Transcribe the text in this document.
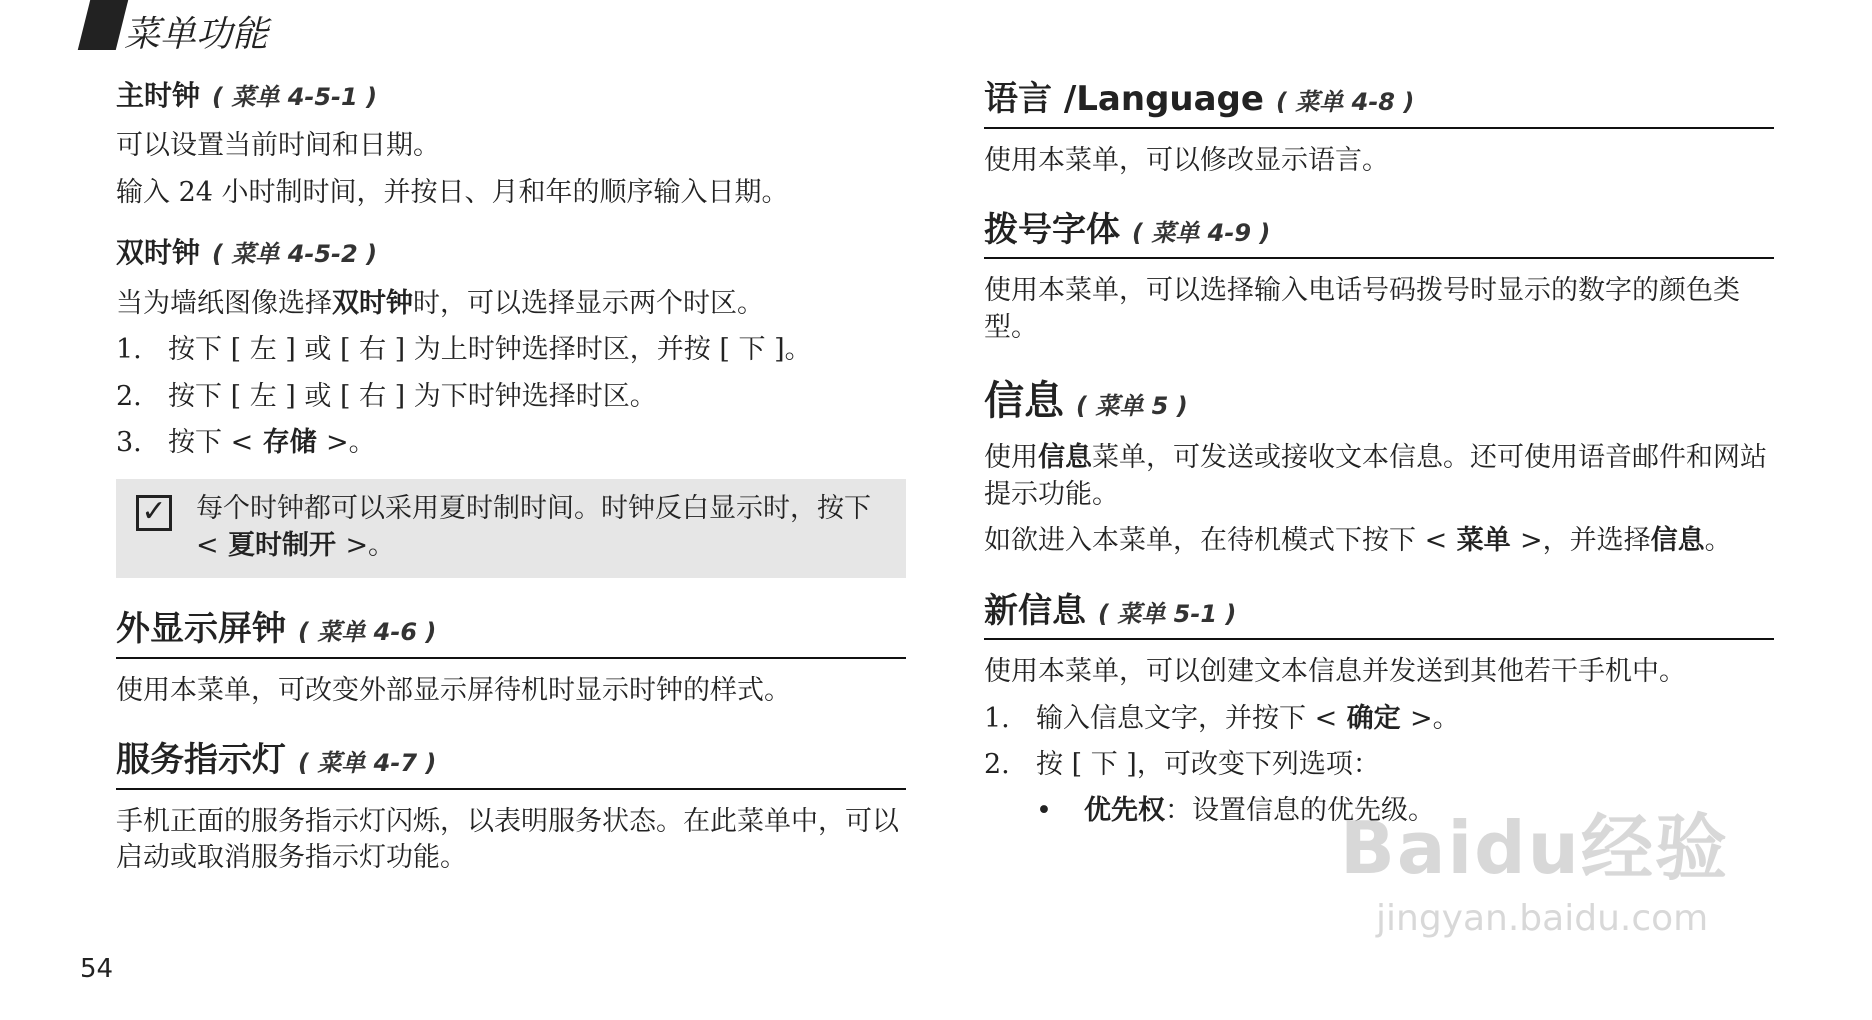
菜单功能
主时钟 ( 菜单 4-5-1 )

可以设置当前时间和日期。

输入 24 小时制时间，并按日、月和年的顺序输入日期。

双时钟 ( 菜单 4-5-2 )

当为墙纸图像选择双时钟时，可以选择显示两个时区。

1. 按下 [ 左 ] 或 [ 右 ] 为上时钟选择时区，并按 [ 下 ]。
2. 按下 [ 左 ] 或 [ 右 ] 为下时钟选择时区。
3. 按下 < 存储 >。
✓ 每个时钟都可以采用夏时制时间。时钟反白显示时，按下 < 夏时制开 >。
外显示屏钟 ( 菜单 4-6 )

使用本菜单，可改变外部显示屏待机时显示时钟的样式。

服务指示灯 ( 菜单 4-7 )

手机正面的服务指示灯闪烁，以表明服务状态。在此菜单中，可以启动或取消服务指示灯功能。

语言 /Language ( 菜单 4-8 )

使用本菜单，可以修改显示语言。

拨号字体 ( 菜单 4-9 )

使用本菜单，可以选择输入电话号码拨号时显示的数字的颜色类型。

信息 ( 菜单 5 )

使用信息菜单，可发送或接收文本信息。还可使用语音邮件和网站提示功能。

如欲进入本菜单，在待机模式下按下 < 菜单 >，并选择信息。

新信息 ( 菜单 5-1 )

使用本菜单，可以创建文本信息并发送到其他若干手机中。

1. 输入信息文字，并按下 < 确定 >。
2. 按 [ 下 ]，可改变下列选项：
•	优先权：设置信息的优先级。
54
Baidu经验
jingyan.baidu.com
